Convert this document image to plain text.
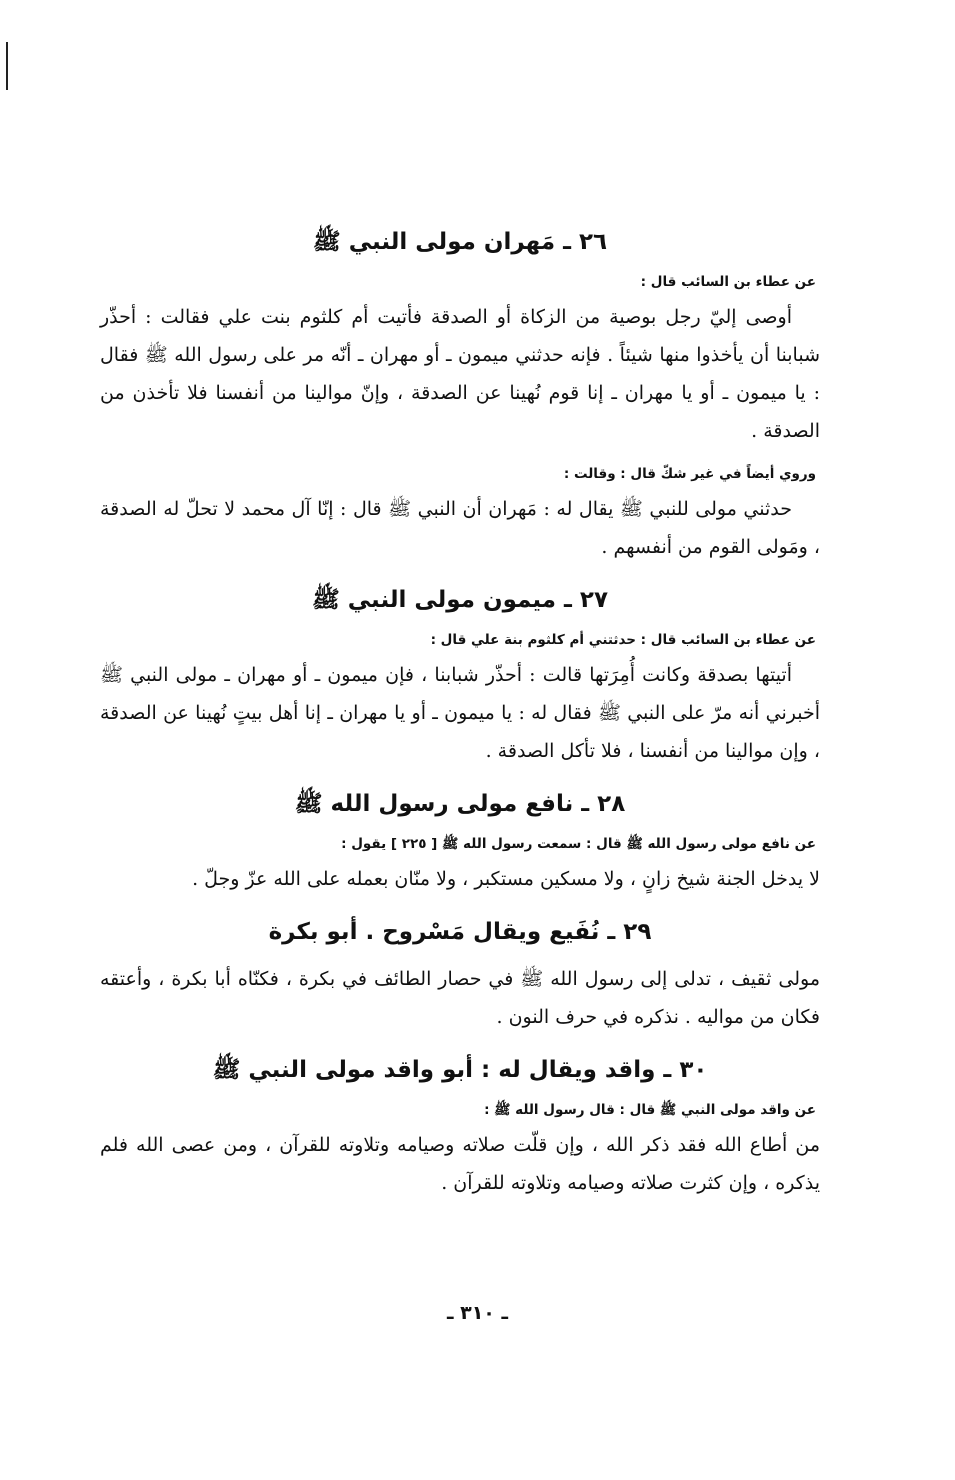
٢٦ ـ مَهران مولى النبي ﷺ
عن عطاء بن السائب قال :

أوصى إليّ رجل بوصية من الزكاة أو الصدقة فأتيت أم كلثوم بنت علي فقالت : أحذّر شبابنا أن يأخذوا منها شيئاً . فإنه حدثني ميمون ـ أو مهران ـ أنّه مر على رسول الله ﷺ فقال : يا ميمون ـ أو يا مهران ـ إنا قوم نُهينا عن الصدقة ، وإنّ موالينا من أنفسنا فلا تأخذن من الصدقة .

وروي أيضاً في غير شكّ قال : وقالت :

حدثني مولى للنبي ﷺ يقال له : مَهران أن النبي ﷺ قال : إنّا آل محمد لا تحلّ له الصدقة ، ومَولى القوم من أنفسهم .

٢٧ ـ ميمون مولى النبي ﷺ
عن عطاء بن السائب قال : حدثتني أم كلثوم بنة علي قال :

أتيتها بصدقة وكانت أُمِرَتها قالت : أحذّر شبابنا ، فإن ميمون ـ أو مهران ـ مولى النبي ﷺ أخبرني أنه مرّ على النبي ﷺ فقال له : يا ميمون ـ أو يا مهران ـ إنا أهل بيتٍ نُهينا عن الصدقة ، وإن موالينا من أنفسنا ، فلا تأكل الصدقة .

٢٨ ـ نافع مولى رسول الله ﷺ
عن نافع مولى رسول الله ﷺ قال : سمعت رسول الله ﷺ [ ٢٢٥ ] يقول :

لا يدخل الجنة شيخ زانٍ ، ولا مسكين مستكبر ، ولا منّان بعمله على الله عزّ وجلّ .

٢٩ ـ نُفَيع ويقال مَسْروح . أبو بكرة

مولى ثقيف ، تدلى إلى رسول الله ﷺ في حصار الطائف في بكرة ، فكنّاه أبا بكرة ، وأعتقه فكان من مواليه . نذكره في حرف النون .

٣٠ ـ واقد ويقال له : أبو واقد مولى النبي ﷺ
عن واقد مولى النبي ﷺ قال : قال رسول الله ﷺ :

من أطاع الله فقد ذكر الله ، وإن قلّت صلاته وصيامه وتلاوته للقرآن ، ومن عصى الله فلم يذكره ، وإن كثرت صلاته وصيامه وتلاوته للقرآن .

ـ ٣١٠ ـ
